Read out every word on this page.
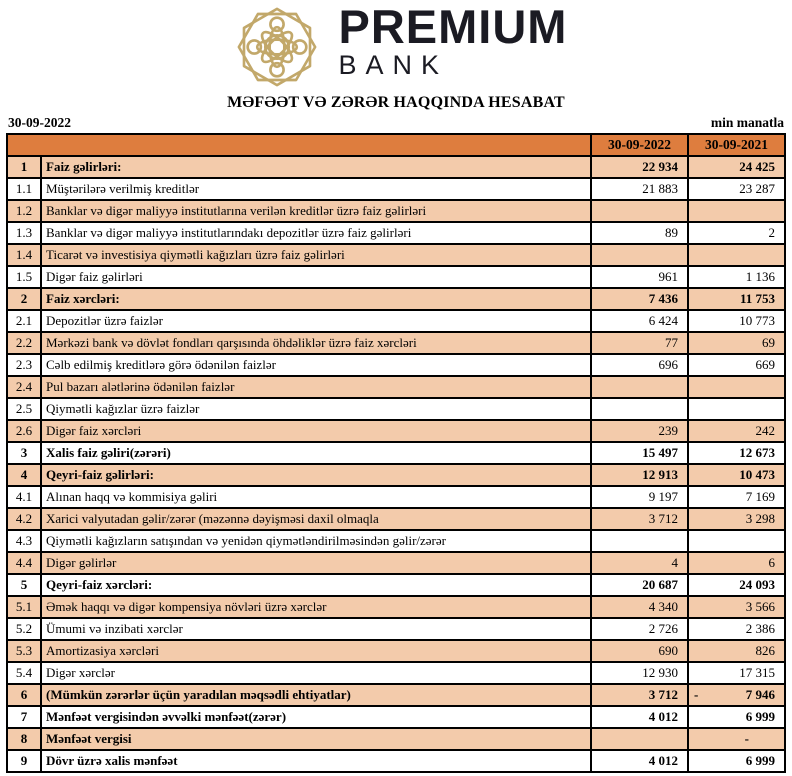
PREMIUM
BANK
MƏFƏƏT VƏ ZƏRƏR HAQQINDA HESABAT
30-09-2022	min manatla
		30-09-2022	30-09-2021
1	Faiz gəlirləri:	22 934	24 425

1.1	Müştərilərə verilmiş kreditlər	21 883	23 287

1.2	Banklar və digər maliyyə institutlarına verilən kreditlər üzrə faiz gəlirləri	

1.3	Banklar və digər maliyyə institutlarındakı depozitlər üzrə faiz gəlirləri	89	2

1.4	Ticarət və investisiya qiymətli kağızları üzrə faiz gəlirləri	

1.5	Digər faiz gəlirləri	961	1 136

2	Faiz xərcləri:	7 436	11 753

2.1	Depozitlər üzrə faizlər	6 424	10 773

2.2	Mərkəzi bank və dövlət fondları qarşısında öhdəliklər üzrə faiz xərcləri	77	69

2.3	Cəlb edilmiş kreditlərə görə ödənilən faizlər	696	669

2.4	Pul bazarı alətlərinə ödənilən faizlər	

2.5	Qiymətli kağızlar üzrə faizlər	

2.6	Digər faiz xərcləri	239	242

3	Xalis faiz gəliri(zərəri)	15 497	12 673

4	Qeyri-faiz gəlirləri:	12 913	10 473

4.1	Alınan haqq və kommisiya gəliri	9 197	7 169

4.2	Xarici valyutadan gəlir/zərər (məzənnə dəyişməsi daxil olmaqla	3 712	3 298

4.3	Qiymətli kağızların satışından və yenidən qiymətləndirilməsindən gəlir/zərər	

4.4	Digər gəlirlər	4	6

5	Qeyri-faiz xərcləri:	20 687	24 093

5.1	Əmək haqqı və digər kompensiya növləri üzrə xərclər	4 340	3 566

5.2	Ümumi və inzibati xərclər	2 726	2 386

5.3	Amortizasiya xərcləri	690	826

5.4	Digər xərclər	12 930	17 315

6	(Mümkün zərərlər üçün yaradılan məqsədli ehtiyatlar)	3 712	- 7 946

7	Mənfəət vergisindən əvvəlki mənfəət(zərər)	4 012	6 999

8	Mənfəət vergisi		-

9	Dövr üzrə xalis mənfəət	4 012	6 999
